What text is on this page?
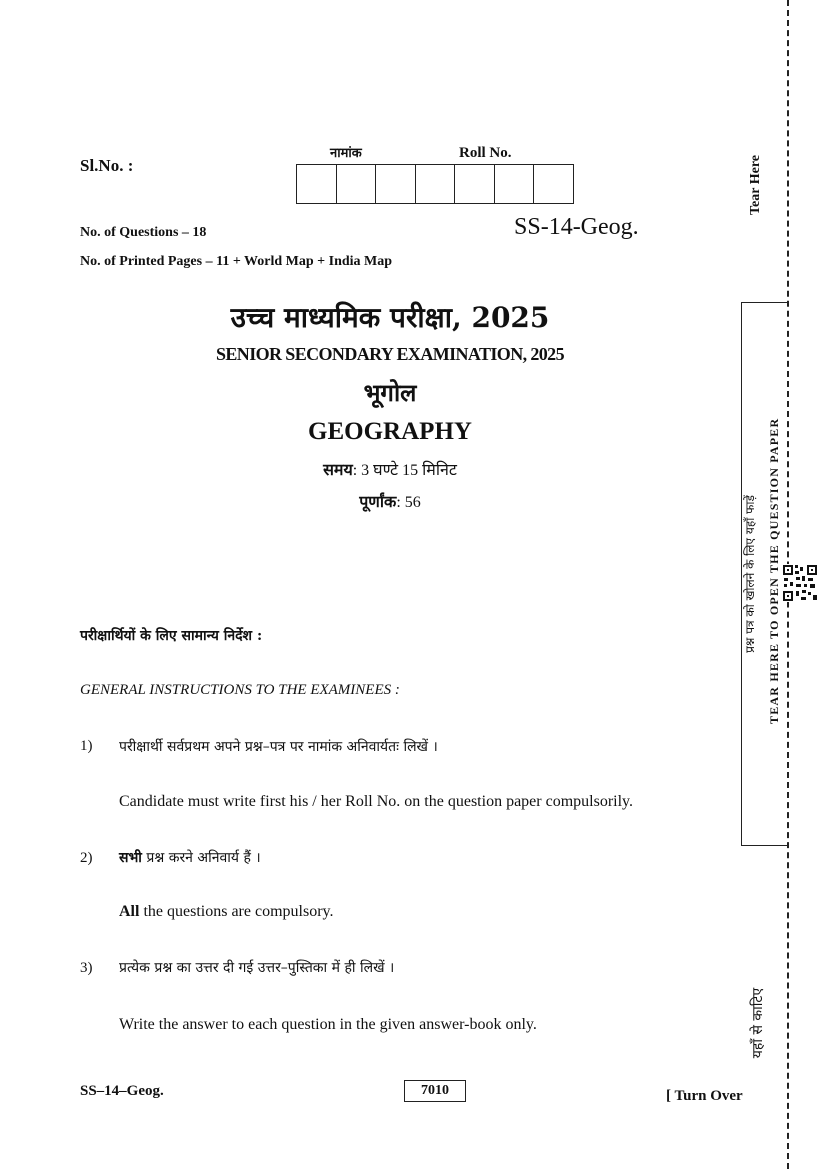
Sl.No. :
नामांक	Roll No.
No. of Questions – 18	SS-14-Geog.
No. of Printed Pages – 11 + World Map + India Map
उच्च माध्यमिक परीक्षा, 2025
SENIOR SECONDARY EXAMINATION, 2025
भूगोल
GEOGRAPHY
समय: 3 घण्टे 15 मिनिट
पूर्णांक: 56
परीक्षार्थियों के लिए सामान्य निर्देश :
GENERAL INSTRUCTIONS TO THE EXAMINEES :
1) परीक्षार्थी सर्वप्रथम अपने प्रश्न–पत्र पर नामांक अनिवार्यतः लिखें ।
Candidate must write first his / her Roll No. on the question paper compulsorily.
2) सभी प्रश्न करने अनिवार्य हैं ।
All the questions are compulsory.
3) प्रत्येक प्रश्न का उत्तर दी गई उत्तर–पुस्तिका में ही लिखें ।
Write the answer to each question in the given answer-book only.
Tear Here
प्रश्न पत्र को खोलने के लिए यहाँ फाड़ें TEAR HERE TO OPEN THE QUESTION PAPER
यहाँ से काटिए
SS–14–Geog.	7010	[ Turn Over
